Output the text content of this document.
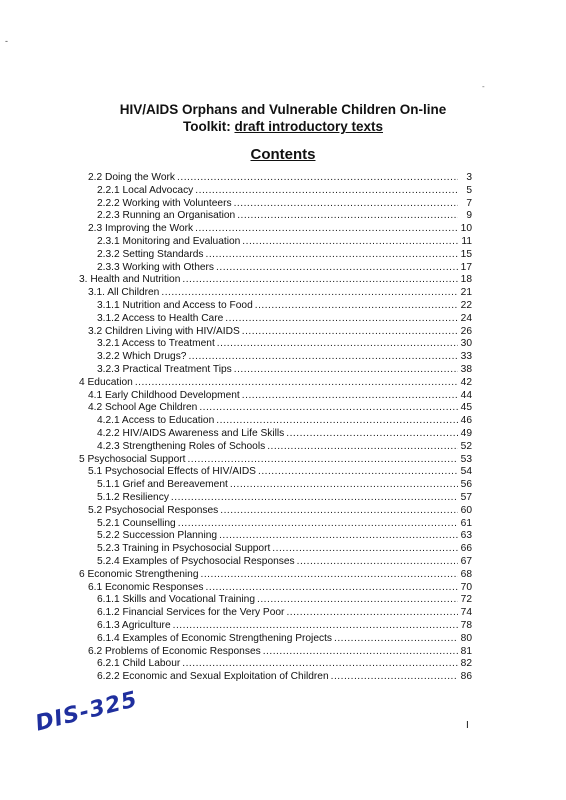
-
-
HIV/AIDS Orphans and Vulnerable Children On-line
Toolkit: draft introductory texts
Contents
2.2 Doing the Work .....	3
2.2.1 Local Advocacy .....	5
2.2.2 Working with Volunteers .....	7
2.2.3 Running an Organisation .....	9
2.3 Improving the Work .....	10
2.3.1 Monitoring and Evaluation .....	11
2.3.2 Setting Standards .....	15
2.3.3 Working with Others .....	17
3. Health and Nutrition .....	18
3.1. All Children .....	21
3.1.1 Nutrition and Access to Food .....	22
3.1.2 Access to Health Care .....	24
3.2 Children Living with HIV/AIDS .....	26
3.2.1 Access to Treatment .....	30
3.2.2 Which Drugs? .....	33
3.2.3 Practical Treatment Tips .....	38
4 Education .....	42
4.1 Early Childhood Development .....	44
4.2 School Age Children .....	45
4.2.1 Access to Education .....	46
4.2.2 HIV/AIDS Awareness and Life Skills .....	49
4.2.3 Strengthening Roles of Schools .....	52
5 Psychosocial Support .....	53
5.1 Psychosocial Effects of HIV/AIDS .....	54
5.1.1 Grief and Bereavement .....	56
5.1.2 Resiliency .....	57
5.2 Psychosocial Responses .....	60
5.2.1 Counselling .....	61
5.2.2 Succession Planning .....	63
5.2.3 Training in Psychosocial Support .....	66
5.2.4 Examples of Psychosocial Responses .....	67
6 Economic Strengthening .....	68
6.1 Economic Responses .....	70
6.1.1 Skills and Vocational Training .....	72
6.1.2 Financial Services for the Very Poor .....	74
6.1.3 Agriculture .....	78
6.1.4 Examples of Economic Strengthening Projects .....	80
6.2 Problems of Economic Responses .....	81
6.2.1 Child Labour .....	82
6.2.2 Economic and Sexual Exploitation of Children .....	86
DIS-325	I
